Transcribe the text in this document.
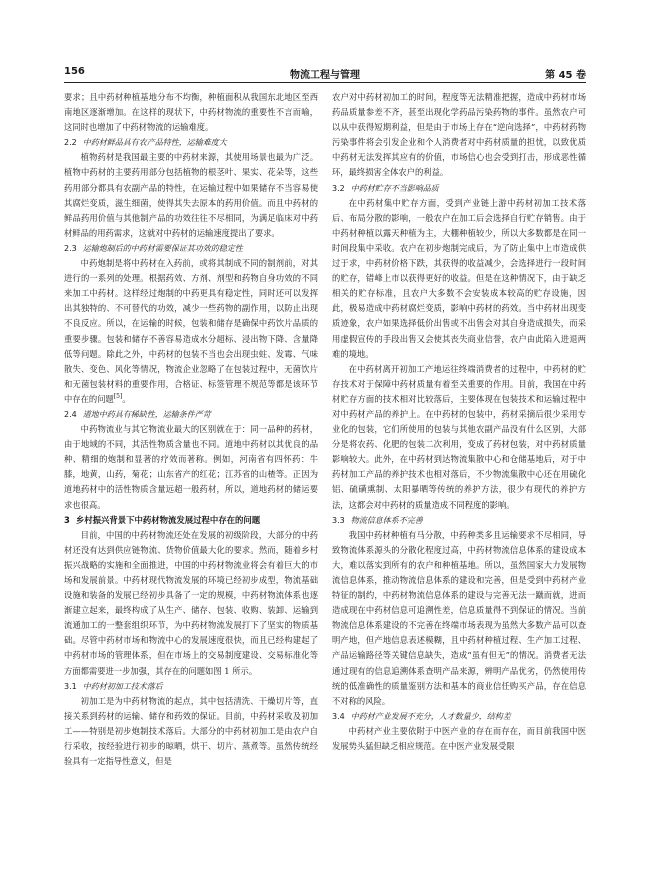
156	物流工程与管理	第 45 卷

要求；且中药材种植基地分布不均衡，种植面积从我国东北地区至西南地区逐渐增加。在这样的现状下，中药材物流的重要性不言而喻，这同时也增加了中药材物流的运输难度。

2.2 中药材鲜品具有农产品特性，运输难度大

植物药材是我国最主要的中药材来源，其使用场景也最为广泛。植物中药材的主要药用部分包括植物的根茎叶、果实、花朵等，这些药用部分都具有农副产品的特性，在运输过程中如果储存不当容易使其腐烂变质，滋生细菌，使得其失去原本的药用价值。而且中药材的鲜品药用价值与其他制产品的功效往往不尽相同，为满足临床对中药材鲜品的用药需求，这就对中药材的运输速度提出了要求。

2.3 运输炮制后的中药材需要保证其功效的稳定性

中药炮制是将中药材在入药前，或将其制成不同的制剂前，对其进行的一系列的处理。根据药效、方剂、剂型和药物自身功效的不同来加工中药材。这样经过炮制的中药更具有稳定性，同时还可以发挥出其独特的、不可替代的功效，减少一些药物的副作用，以防止出现不良反应。所以，在运输的时候，包装和储存是确保中药饮片品质的重要步骤。包装和储存不善容易造成水分超标、浸出物下降、含量降低等问题。除此之外，中药材的包装不当也会出现虫蛀、发霉、气味散失、变色、风化等情况，物流企业忽略了在包装过程中，无菌饮片和无菌包装材料的重要作用，合格证、标签管理不规范等都是该环节中存在的问题[5]。

2.4 道地中药具有稀缺性，运输条件严苛

中药物流业与其它物流业最大的区别就在于：同一品种的药材，由于地域的不同，其活性物质含量也不同。道地中药材以其优良的品种、精细的炮制和显著的疗效而著称。例如，河南省有四怀药：牛膝，地黄，山药，菊花；山东省产的红花；江苏省的山楂等。正因为道地药材中的活性物质含量远超一般药材，所以，道地药材的储运要求也很高。

3 乡村振兴背景下中药材物流发展过程中存在的问题

目前，中国的中药材物流还处在发展的初级阶段，大部分的中药材还没有达到供应链物流、货物价值最大化的要求。然而，随着乡村振兴战略的实施和全面推进，中国的中药材物流业将会有着巨大的市场和发展前景。中药材现代物流发展的环境已经初步成型，物流基础设施和装备的发展已经初步具备了一定的规模，中药材物流体系也逐渐建立起来，最终构成了从生产、储存、包装、收购、装卸、运输到流通加工的一整套组织环节，为中药材物流发展打下了坚实的物质基础。尽管中药材市场和物流中心的发展速度很快，而且已经构建起了中药材市场的管理体系，但在市场上的交易制度建设、交易标准化等方面都需要进一步加强，其存在的问题如图 1 所示。

3.1 中药材初加工技术落后

初加工是为中药材物流的起点，其中包括清洗、干燥切片等，直接关系到药材的运输、储存和药效的保证。目前，中药材采收及初加工——特别是初步炮制技术落后。大部分的中药材初加工是由农户自行采收，按经验进行初步的晾晒，烘干、切片、蒸煮等。虽然传统经验具有一定指导性意义，但是

农户对中药材初加工的时间，程度等无法精准把握，造成中药材市场药品质量参差不齐，甚至出现化学药品污染药物的事件。虽然农户可以从中获得短期利益，但是由于市场上存在“逆向选择”，中药材药物污染事件将会引发企业和个人消费者对中药材质量的担忧，以致优质中药材无法发挥其应有的价值，市场信心也会受到打击，形成恶性循环，最终损害全体农户的利益。

3.2 中药材贮存不当影响品质

在中药材集中贮存方面，受到产业链上游中药材初加工技术落后、布局分散的影响，一般农户在加工后会选择自行贮存销售。由于中药材种植以露天种植为主，大棚种植较少，所以大多数都是在同一时间段集中采收。农户在初步炮制完成后，为了防止集中上市造成供过于求，中药材价格下跌，其获得的收益减少，会选择进行一段时间的贮存，错峰上市以获得更好的收益。但是在这种情况下，由于缺乏相关的贮存标准，且农户大多数不会安装成本较高的贮存设施，因此，极易造成中药材腐烂变质，影响中药材的药效。当中药材出现变质迹象，农户如果选择低价出售或不出售会对其自身造成损失，而采用虚假宣传的手段出售又会使其丧失商业信誉，农户由此陷入进退两难的境地。

在中药材离开初加工产地运往终端消费者的过程中，中药材的贮存技术对于保障中药材质量有着至关重要的作用。目前，我国在中药材贮存方面的技术相对比较落后，主要体现在包装技术和运输过程中对中药材产品的养护上。在中药材的包装中，药材采摘后很少采用专业化的包装，它们所使用的包装与其他农副产品没有什么区别，大部分是将农药、化肥的包装二次利用，变成了药材包装，对中药材质量影响较大。此外，在中药材到达物流集散中心和仓储基地后，对于中药材加工产品的养护技术也相对落后，不少物流集散中心还在用硫化铝、硫磺熏制、太阳暴晒等传统的养护方法，很少有现代的养护方法，这都会对中药材的质量造成不同程度的影响。

3.3 物流信息体系不完善

我国中药材种植有马分散，中药种类多且运输要求不尽相同，导致物流体系源头的分散化程度过高，中药材物流信息体系的建设成本大，难以落实到所有的农户和种植基地。所以，虽然国家大力发展物流信息体系，推动物流信息体系的建设和完善，但是受到中药材产业特征的制约，中药材物流信息体系的建设与完善无法一蹴而就，进而造成现在中药材信息可追溯性差，信息质量得不到保证的情况。当前物流信息体系建设的不完善在终端市场表现为虽然大多数产品可以查明产地，但产地信息表述模糊，且中药材种植过程、生产加工过程、产品运输路径等关键信息缺失，造成“虽有但无”的情况。消费者无法通过现有的信息追溯体系查明产品来源，辨明产品优劣，仍然使用传统的低准确性的质量鉴别方法和基本的商业信任购买产品，存在信息不对称的风险。

3.4 中药材产业发展不充分，人才数量少，结构差

中药材产业主要依附于中医产业的存在而存在，而目前我国中医发展势头猛但缺乏相应规范。在中医产业发展受限
